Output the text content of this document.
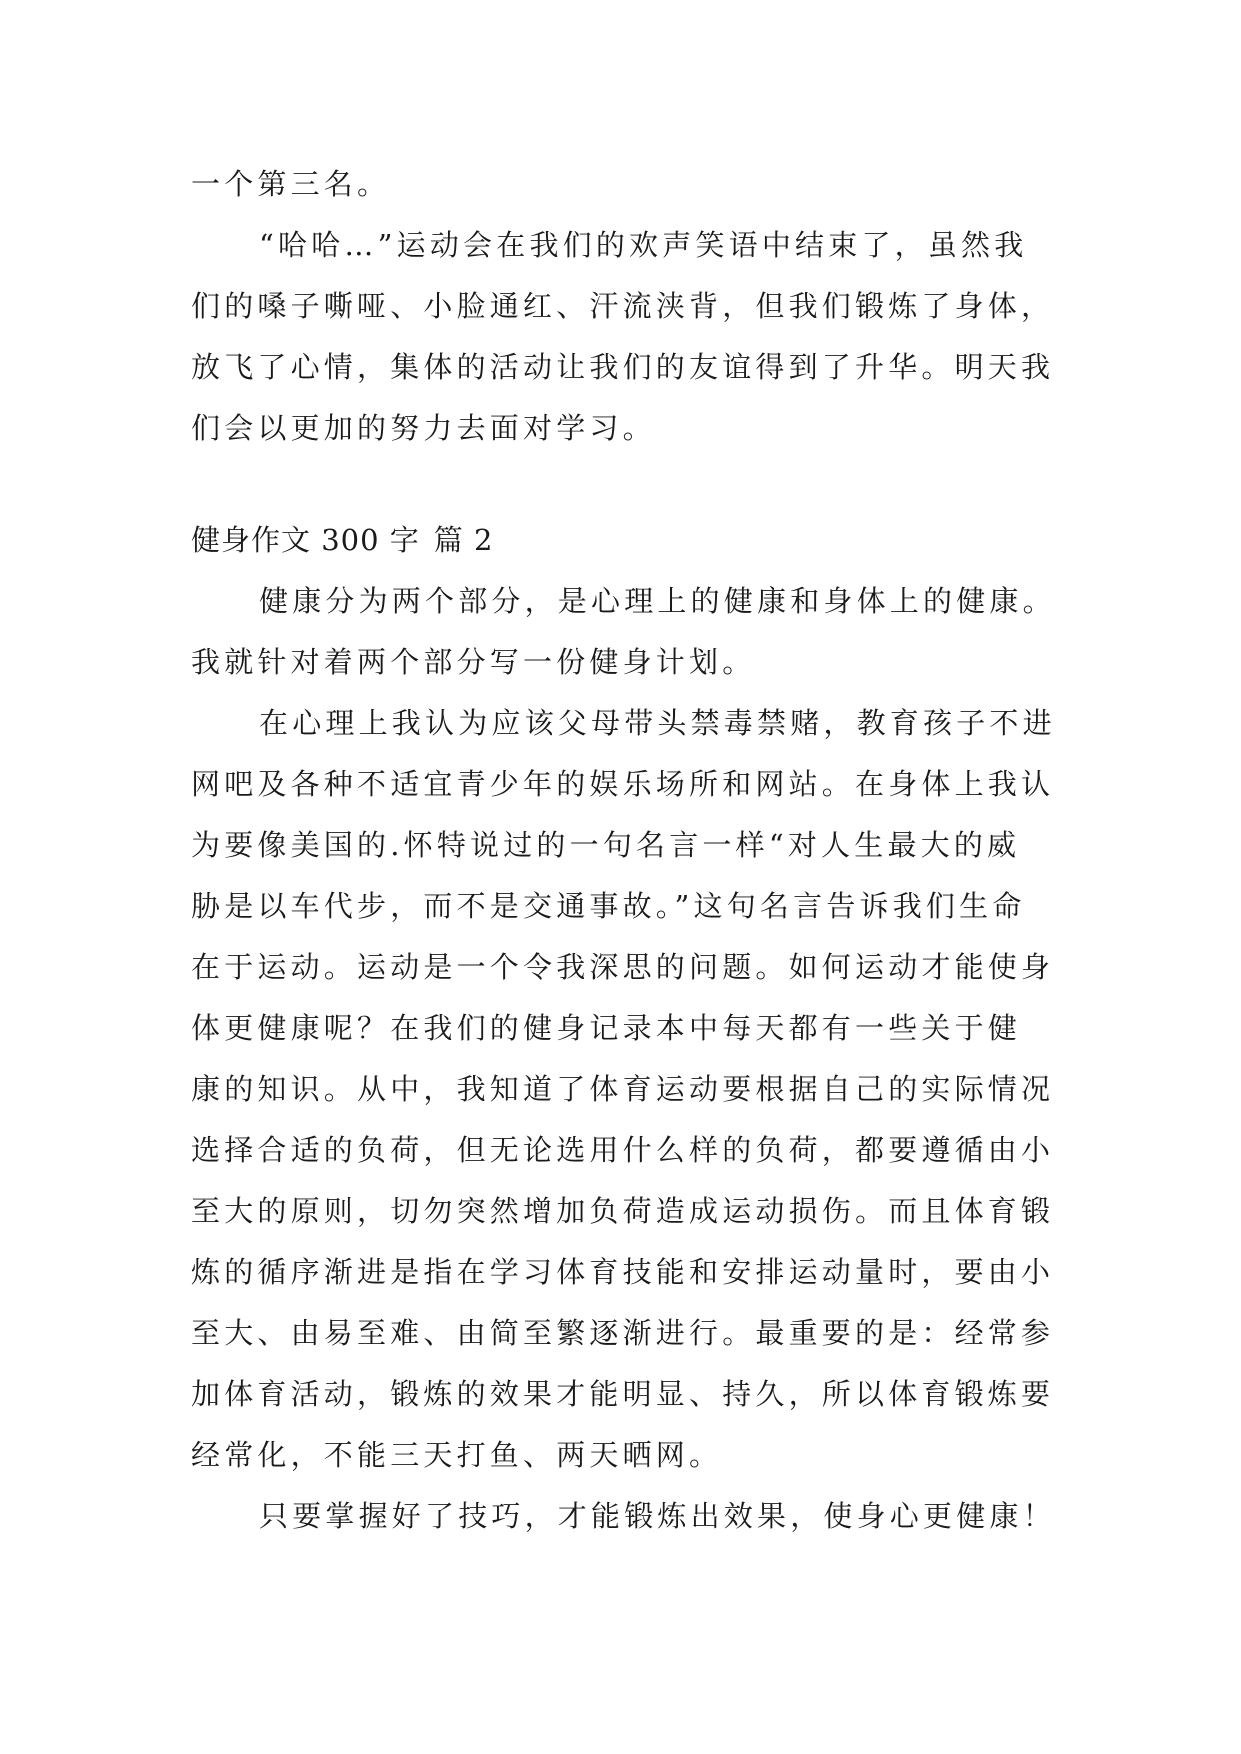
一个第三名。
“哈哈…”运动会在我们的欢声笑语中结束了，虽然我
们的嗓子嘶哑、小脸通红、汗流浃背，但我们锻炼了身体，
放飞了心情，集体的活动让我们的友谊得到了升华。明天我
们会以更加的努力去面对学习。
健身作文 300 字 篇 2
健康分为两个部分，是心理上的健康和身体上的健康。
我就针对着两个部分写一份健身计划。
在心理上我认为应该父母带头禁毒禁赌，教育孩子不进
网吧及各种不适宜青少年的娱乐场所和网站。在身体上我认
为要像美国的.怀特说过的一句名言一样“对人生最大的威
胁是以车代步，而不是交通事故。”这句名言告诉我们生命
在于运动。运动是一个令我深思的问题。如何运动才能使身
体更健康呢？在我们的健身记录本中每天都有一些关于健
康的知识。从中，我知道了体育运动要根据自己的实际情况
选择合适的负荷，但无论选用什么样的负荷，都要遵循由小
至大的原则，切勿突然增加负荷造成运动损伤。而且体育锻
炼的循序渐进是指在学习体育技能和安排运动量时，要由小
至大、由易至难、由简至繁逐渐进行。最重要的是：经常参
加体育活动，锻炼的效果才能明显、持久，所以体育锻炼要
经常化，不能三天打鱼、两天晒网。
只要掌握好了技巧，才能锻炼出效果，使身心更健康！
